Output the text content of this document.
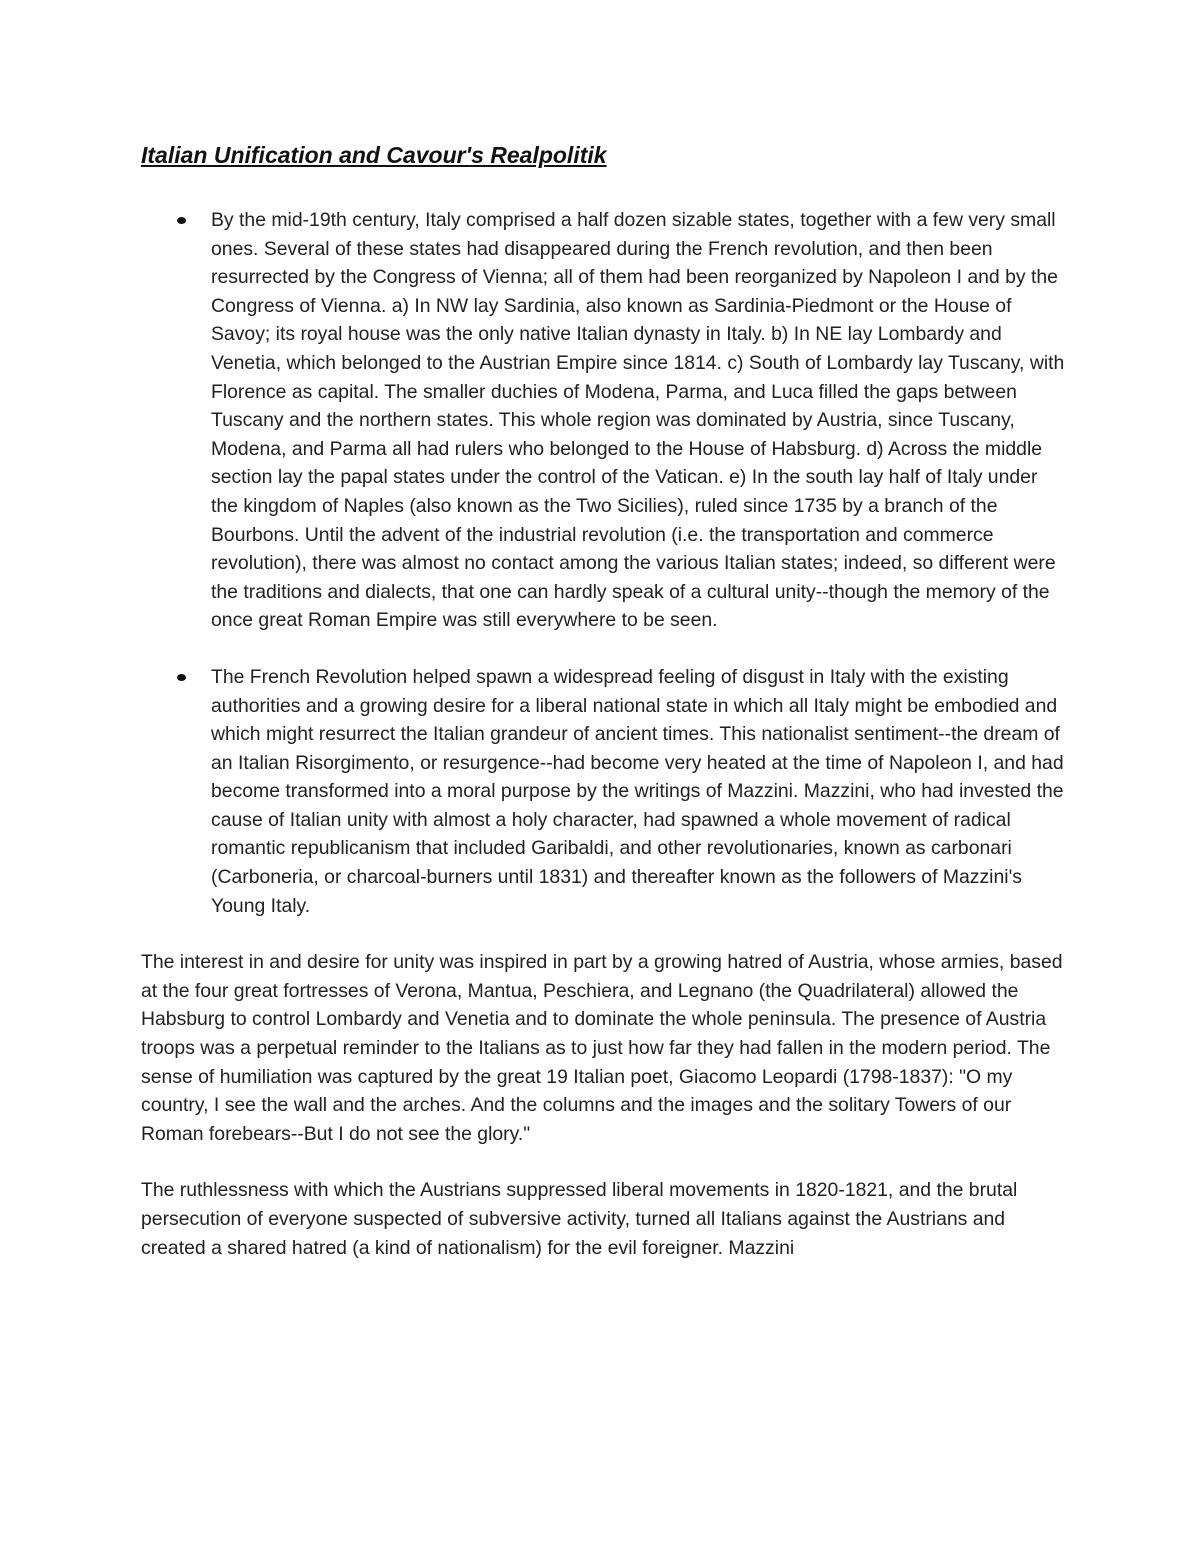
Italian Unification and Cavour's Realpolitik

By the mid-19th century, Italy comprised a half dozen sizable states, together with a few very small ones. Several of these states had disappeared during the French revolution, and then been resurrected by the Congress of Vienna; all of them had been reorganized by Napoleon I and by the Congress of Vienna. a) In NW lay Sardinia, also known as Sardinia-Piedmont or the House of Savoy; its royal house was the only native Italian dynasty in Italy. b) In NE lay Lombardy and Venetia, which belonged to the Austrian Empire since 1814. c) South of Lombardy lay Tuscany, with Florence as capital. The smaller duchies of Modena, Parma, and Luca filled the gaps between Tuscany and the northern states. This whole region was dominated by Austria, since Tuscany, Modena, and Parma all had rulers who belonged to the House of Habsburg. d) Across the middle section lay the papal states under the control of the Vatican. e) In the south lay half of Italy under the kingdom of Naples (also known as the Two Sicilies), ruled since 1735 by a branch of the Bourbons. Until the advent of the industrial revolution (i.e. the transportation and commerce revolution), there was almost no contact among the various Italian states; indeed, so different were the traditions and dialects, that one can hardly speak of a cultural unity--though the memory of the once great Roman Empire was still everywhere to be seen.

The French Revolution helped spawn a widespread feeling of disgust in Italy with the existing authorities and a growing desire for a liberal national state in which all Italy might be embodied and which might resurrect the Italian grandeur of ancient times. This nationalist sentiment--the dream of an Italian Risorgimento, or resurgence--had become very heated at the time of Napoleon I, and had become transformed into a moral purpose by the writings of Mazzini. Mazzini, who had invested the cause of Italian unity with almost a holy character, had spawned a whole movement of radical romantic republicanism that included Garibaldi, and other revolutionaries, known as carbonari (Carboneria, or charcoal-burners until 1831) and thereafter known as the followers of Mazzini's Young Italy.

The interest in and desire for unity was inspired in part by a growing hatred of Austria, whose armies, based at the four great fortresses of Verona, Mantua, Peschiera, and Legnano (the Quadrilateral) allowed the Habsburg to control Lombardy and Venetia and to dominate the whole peninsula. The presence of Austria troops was a perpetual reminder to the Italians as to just how far they had fallen in the modern period. The sense of humiliation was captured by the great 19 Italian poet, Giacomo Leopardi (1798-1837): "O my country, I see the wall and the arches. And the columns and the images and the solitary Towers of our Roman forebears--But I do not see the glory."

The ruthlessness with which the Austrians suppressed liberal movements in 1820-1821, and the brutal persecution of everyone suspected of subversive activity, turned all Italians against the Austrians and created a shared hatred (a kind of nationalism) for the evil foreigner. Mazzini
